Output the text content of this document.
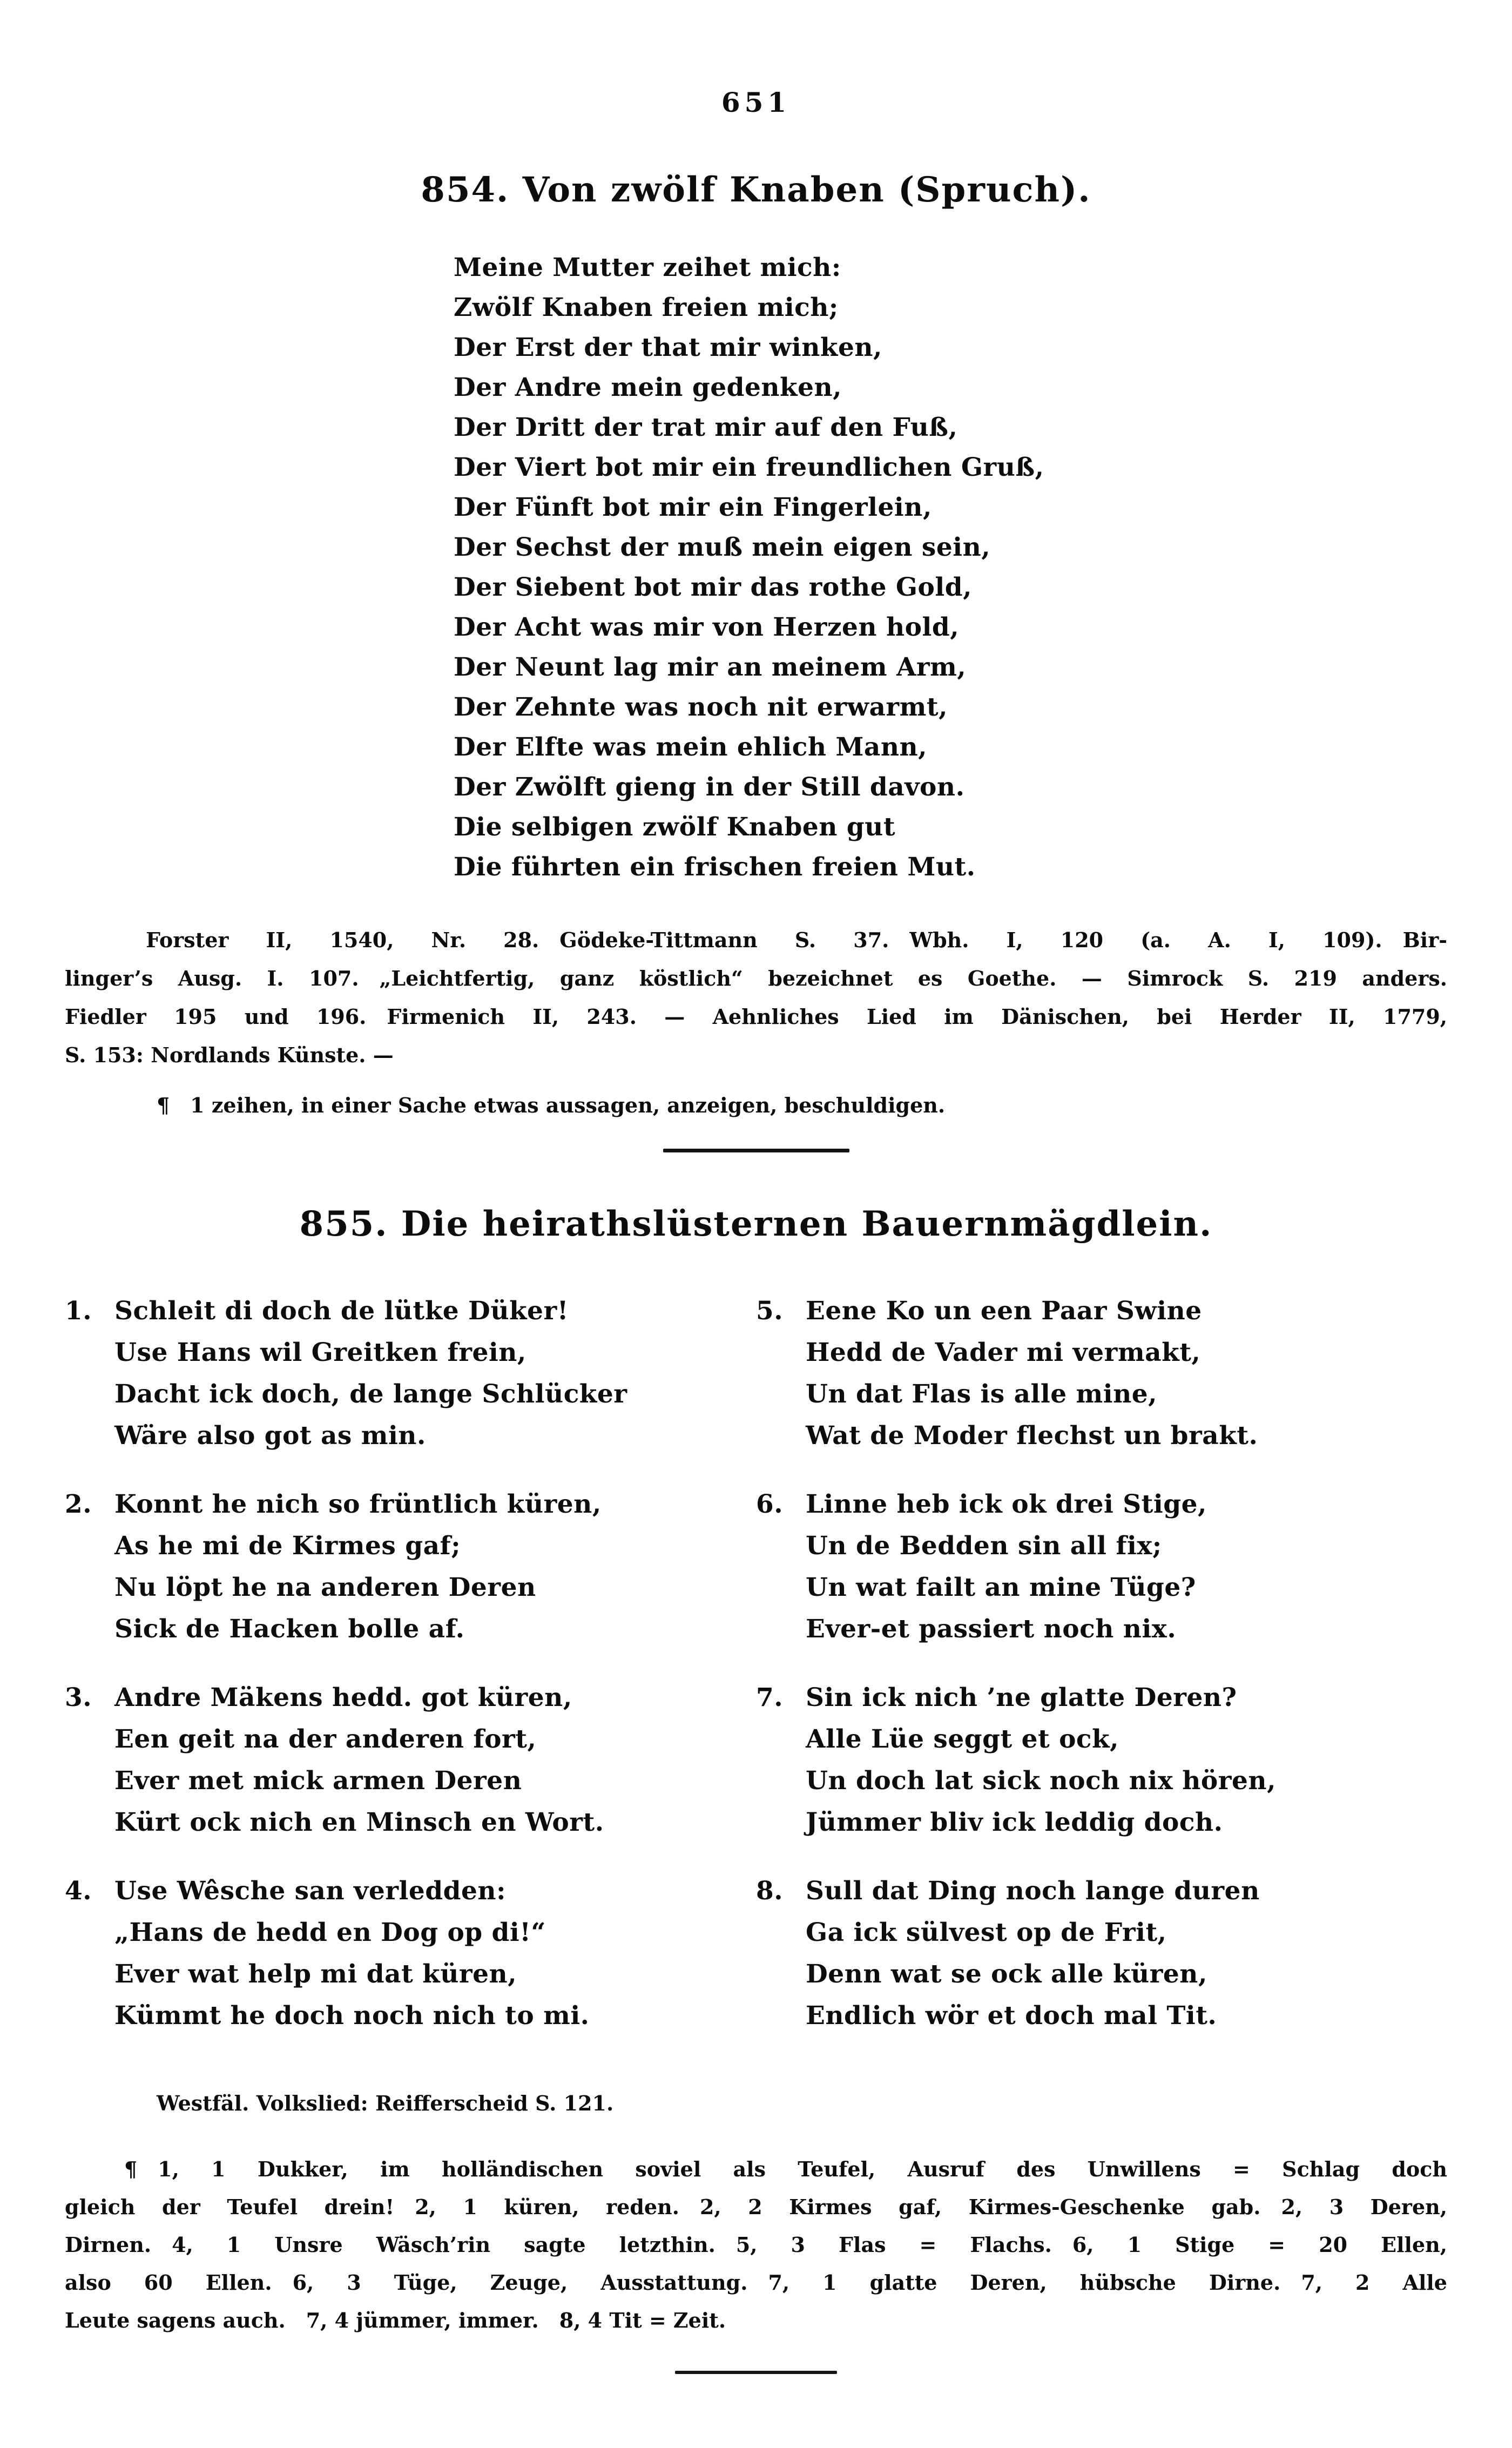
651
854. Von zwölf Knaben (Spruch).
Meine Mutter zeihet mich:
Zwölf Knaben freien mich;
Der Erst der that mir winken,
Der Andre mein gedenken,
Der Dritt der trat mir auf den Fuß,
Der Viert bot mir ein freundlichen Gruß,
Der Fünft bot mir ein Fingerlein,
Der Sechst der muß mein eigen sein,
Der Siebent bot mir das rothe Gold,
Der Acht was mir von Herzen hold,
Der Neunt lag mir an meinem Arm,
Der Zehnte was noch nit erwarmt,
Der Elfte was mein ehlich Mann,
Der Zwölft gieng in der Still davon.
Die selbigen zwölf Knaben gut
Die führten ein frischen freien Mut.
Forster II, 1540, Nr. 28. Gödeke-Tittmann S. 37. Wbh. I, 120 (a. A. I, 109). Bir-
linger’s Ausg. I. 107. „Leichtfertig, ganz köstlich“ bezeichnet es Goethe. — Simrock S. 219 anders.
Fiedler 195 und 196. Firmenich II, 243. — Aehnliches Lied im Dänischen, bei Herder II, 1779,
S. 153: Nordlands Künste. —
¶ 1 zeihen, in einer Sache etwas aussagen, anzeigen, beschuldigen.
855. Die heirathslüsternen Bauernmägdlein.
1. Schleit di doch de lütke Düker!
Use Hans wil Greitken frein,
Dacht ick doch, de lange Schlücker
Wäre also got as min.
2. Konnt he nich so früntlich küren,
As he mi de Kirmes gaf;
Nu löpt he na anderen Deren
Sick de Hacken bolle af.
3. Andre Mäkens hedd. got küren,
Een geit na der anderen fort,
Ever met mick armen Deren
Kürt ock nich en Minsch en Wort.
4. Use Wêsche san verledden:
„Hans de hedd en Dog op di!“
Ever wat help mi dat küren,
Kümmt he doch noch nich to mi.
5. Eene Ko un een Paar Swine
Hedd de Vader mi vermakt,
Un dat Flas is alle mine,
Wat de Moder flechst un brakt.
6. Linne heb ick ok drei Stige,
Un de Bedden sin all fix;
Un wat failt an mine Tüge?
Ever-et passiert noch nix.
7. Sin ick nich ’ne glatte Deren?
Alle Lüe seggt et ock,
Un doch lat sick noch nix hören,
Jümmer bliv ick leddig doch.
8. Sull dat Ding noch lange duren
Ga ick sülvest op de Frit,
Denn wat se ock alle küren,
Endlich wör et doch mal Tit.
Westfäl. Volkslied: Reifferscheid S. 121.
¶ 1, 1 Dukker, im holländischen soviel als Teufel, Ausruf des Unwillens = Schlag doch
gleich der Teufel drein! 2, 1 küren, reden. 2, 2 Kirmes gaf, Kirmes-Geschenke gab. 2, 3 Deren,
Dirnen. 4, 1 Unsre Wäsch’rin sagte letzthin. 5, 3 Flas = Flachs. 6, 1 Stige = 20 Ellen,
also 60 Ellen. 6, 3 Tüge, Zeuge, Ausstattung. 7, 1 glatte Deren, hübsche Dirne. 7, 2 Alle
Leute sagens auch. 7, 4 jümmer, immer. 8, 4 Tit = Zeit.
